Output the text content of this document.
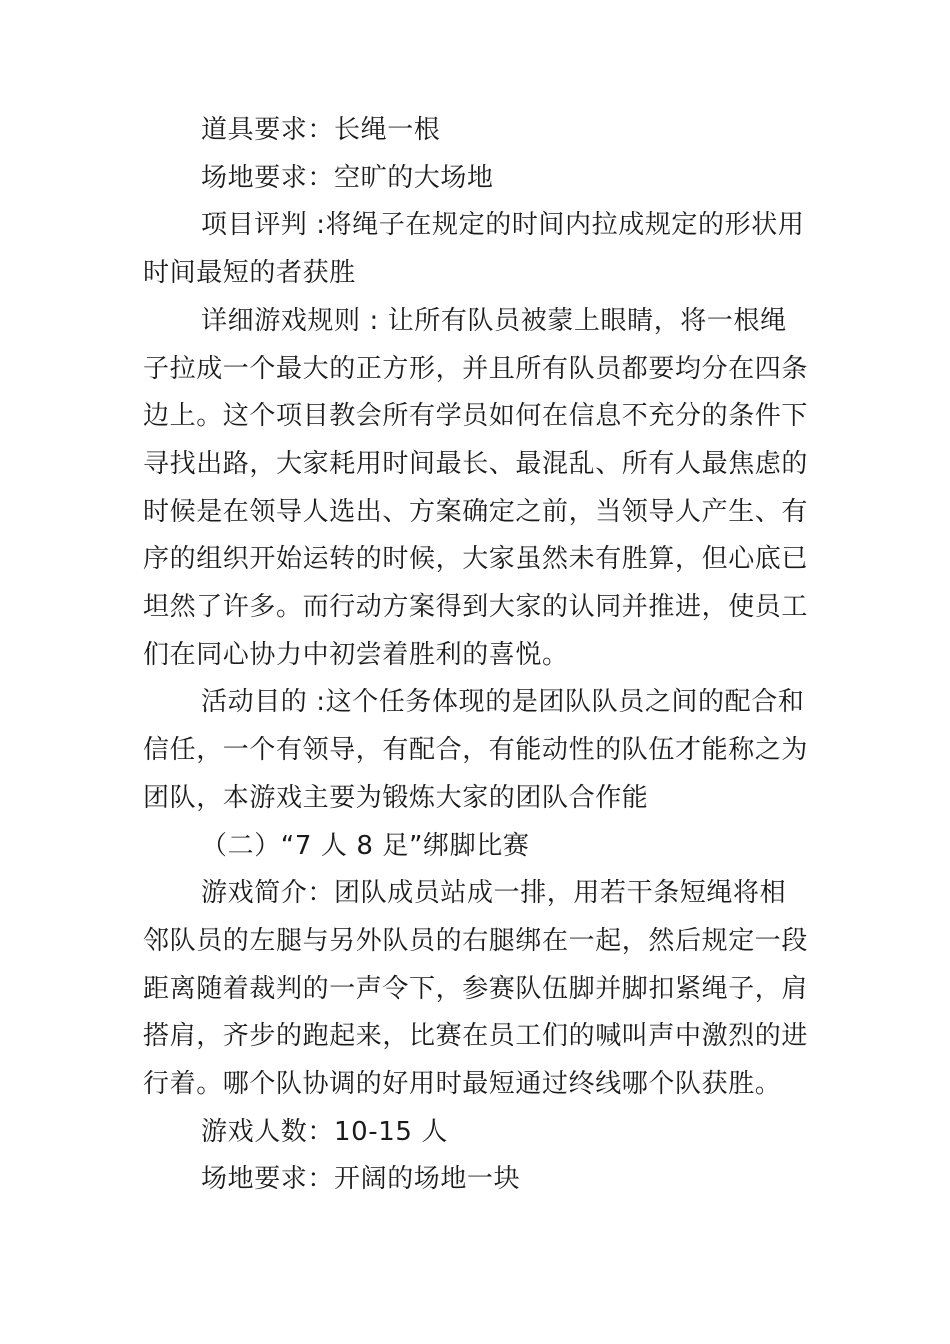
道具要求：长绳一根

场地要求：空旷的大场地

项目评判 :将绳子在规定的时间内拉成规定的形状用时间最短的者获胜

详细游戏规则 : 让所有队员被蒙上眼睛，将一根绳子拉成一个最大的正方形，并且所有队员都要均分在四条边上。这个项目教会所有学员如何在信息不充分的条件下寻找出路，大家耗用时间最长、最混乱、所有人最焦虑的时候是在领导人选出、方案确定之前，当领导人产生、有序的组织开始运转的时候，大家虽然未有胜算，但心底已坦然了许多。而行动方案得到大家的认同并推进，使员工们在同心协力中初尝着胜利的喜悦。

活动目的 :这个任务体现的是团队队员之间的配合和信任，一个有领导，有配合，有能动性的队伍才能称之为团队，本游戏主要为锻炼大家的团队合作能

（二）“7 人 8 足”绑脚比赛

游戏简介：团队成员站成一排，用若干条短绳将相邻队员的左腿与另外队员的右腿绑在一起，然后规定一段距离随着裁判的一声令下，参赛队伍脚并脚扣紧绳子，肩搭肩，齐步的跑起来，比赛在员工们的喊叫声中激烈的进行着。哪个队协调的好用时最短通过终线哪个队获胜。

游戏人数：10-15 人

场地要求：开阔的场地一块
